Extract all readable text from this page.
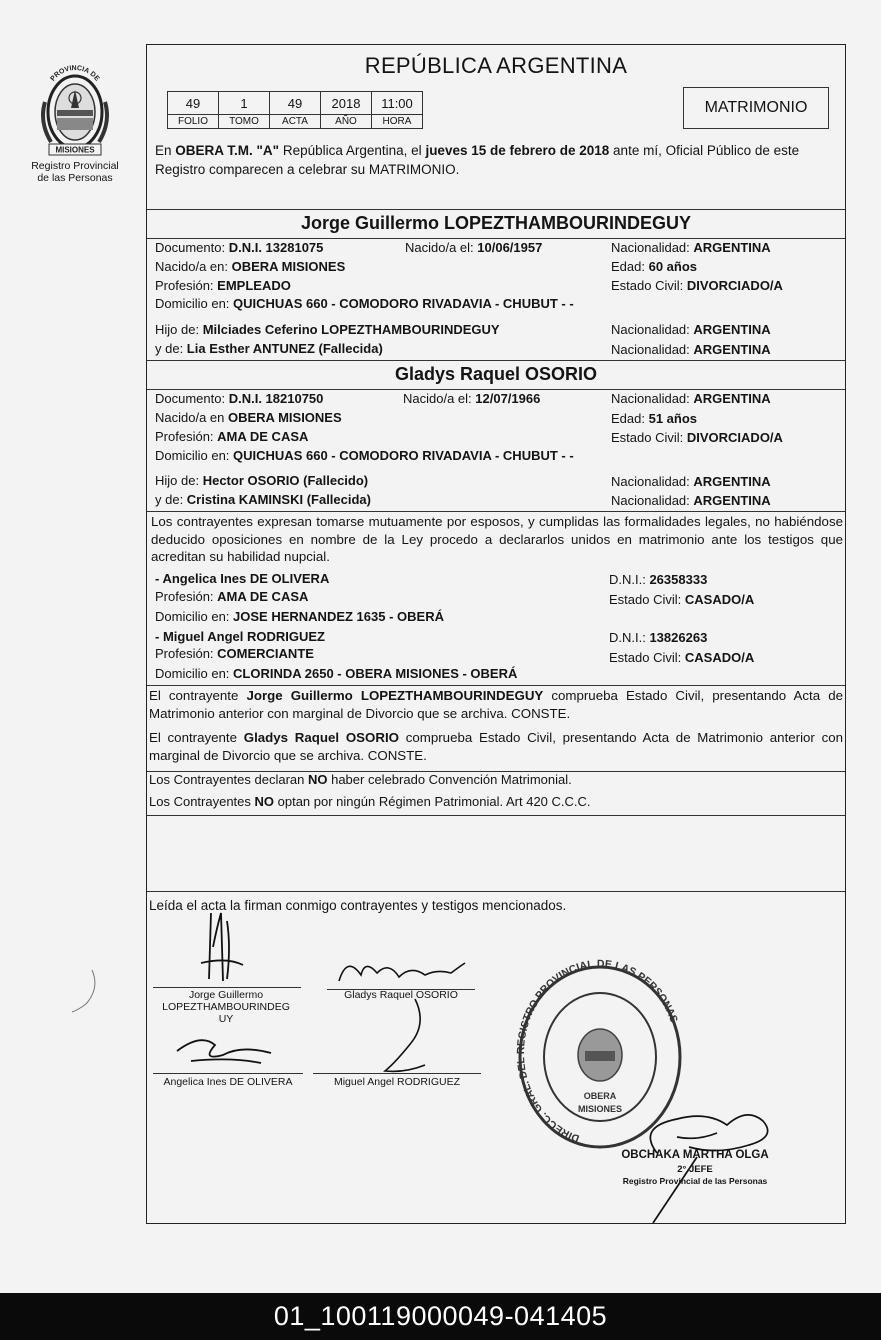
PROVINCIA DE
MISIONES
Registro Provincial
de las Personas
REPÚBLICA ARGENTINA
49	1	49	2018	11:00
FOLIO	TOMO	ACTA	AÑO	HORA
MATRIMONIO
En OBERA T.M. "A" República Argentina, el jueves 15 de febrero de 2018 ante mí, Oficial Público de este Registro comparecen a celebrar su MATRIMONIO.
Jorge Guillermo LOPEZTHAMBOURINDEGUY
Documento: D.N.I. 13281075	Nacido/a el: 10/06/1957	Nacionalidad: ARGENTINA
Nacido/a en: OBERA MISIONES	Edad: 60 años
Profesión: EMPLEADO	Estado Civil: DIVORCIADO/A
Domicilio en: QUICHUAS 660 - COMODORO RIVADAVIA - CHUBUT - -
Hijo de: Milciades Ceferino LOPEZTHAMBOURINDEGUY	Nacionalidad: ARGENTINA
y de: Lia Esther ANTUNEZ (Fallecida)	Nacionalidad: ARGENTINA
Gladys Raquel OSORIO
Documento: D.N.I. 18210750	Nacido/a el: 12/07/1966	Nacionalidad: ARGENTINA
Nacido/a en OBERA MISIONES	Edad: 51 años
Profesión: AMA DE CASA	Estado Civil: DIVORCIADO/A
Domicilio en: QUICHUAS 660 - COMODORO RIVADAVIA - CHUBUT - -
Hijo de: Hector OSORIO (Fallecido)	Nacionalidad: ARGENTINA
y de: Cristina KAMINSKI (Fallecida)	Nacionalidad: ARGENTINA
Los contrayentes expresan tomarse mutuamente por esposos, y cumplidas las formalidades legales, no habiéndose deducido oposiciones en nombre de la Ley procedo a declararlos unidos en matrimonio ante los testigos que acreditan su habilidad nupcial.
- Angelica Ines DE OLIVERA	D.N.I.: 26358333
Profesión: AMA DE CASA	Estado Civil: CASADO/A
Domicilio en: JOSE HERNANDEZ 1635 - OBERÁ
- Miguel Angel RODRIGUEZ	D.N.I.: 13826263
Profesión: COMERCIANTE	Estado Civil: CASADO/A
Domicilio en: CLORINDA 2650 - OBERA MISIONES - OBERÁ
El contrayente Jorge Guillermo LOPEZTHAMBOURINDEGUY comprueba Estado Civil, presentando Acta de Matrimonio anterior con marginal de Divorcio que se archiva. CONSTE.
El contrayente Gladys Raquel OSORIO comprueba Estado Civil, presentando Acta de Matrimonio anterior con marginal de Divorcio que se archiva. CONSTE.
Los Contrayentes declaran NO haber celebrado Convención Matrimonial.
Los Contrayentes NO optan por ningún Régimen Patrimonial. Art 420 C.C.C.
Leída el acta la firman conmigo contrayentes y testigos mencionados.
Jorge Guillermo
LOPEZTHAMBOURINDEG
UY
Gladys Raquel OSORIO
Angelica Ines DE OLIVERA	Miguel Angel RODRIGUEZ
DIRECC. GRAL. DEL REGISTRO PROVINCIAL DE LAS PERSONAS
OBERA
MISIONES
OBCHAKA MARTHA OLGA
2° JEFE
Registro Provincial de las Personas
01_100119000049-041405
